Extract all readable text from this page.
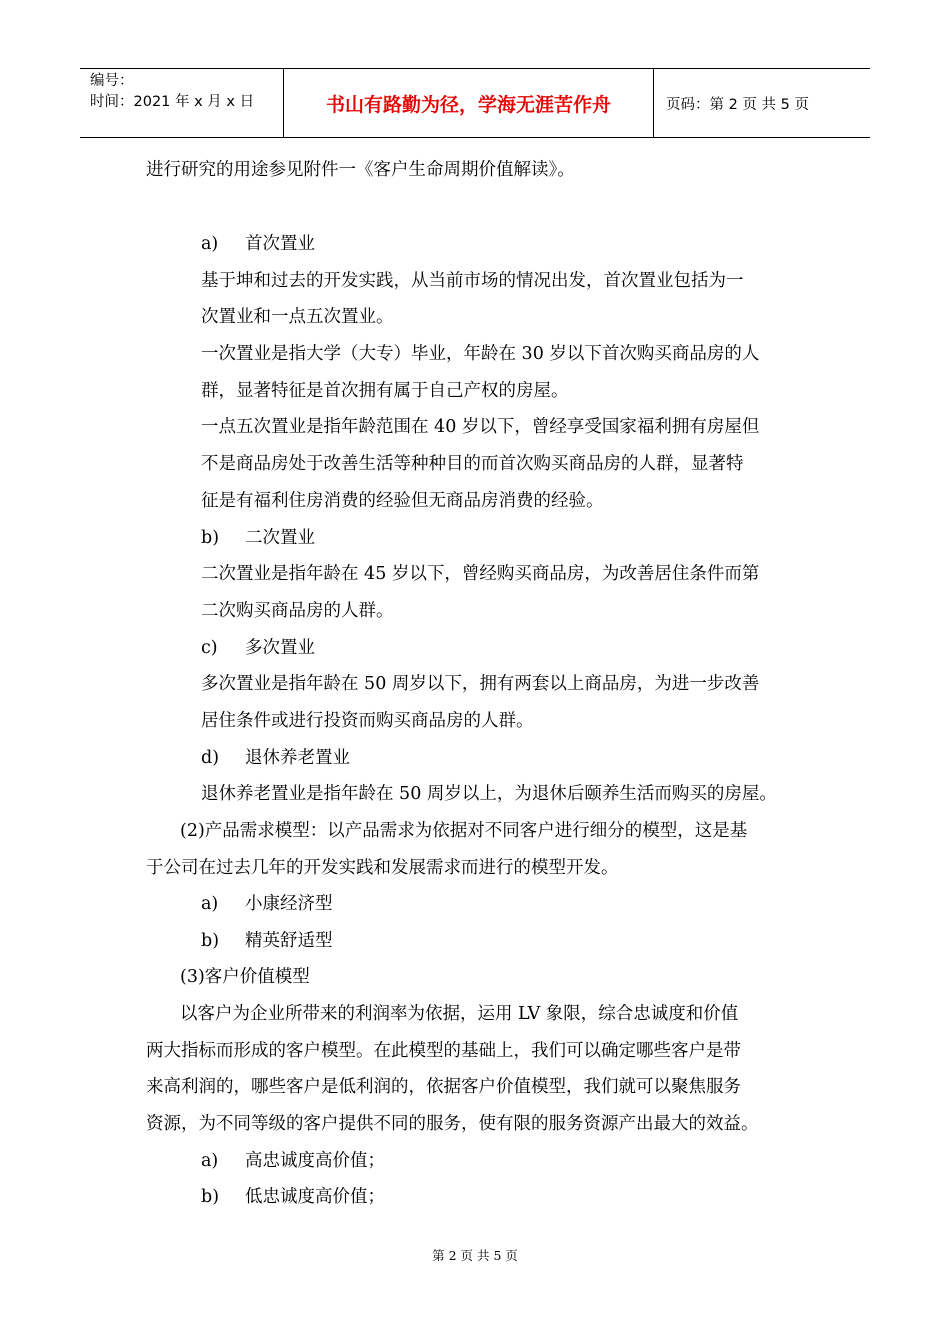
编号：
时间：2021 年 x 月 x 日	书山有路勤为径，学海无涯苦作舟	页码：第 2 页 共 5 页
进行研究的用途参见附件一《客户生命周期价值解读》。
a) 首次置业
基于坤和过去的开发实践，从当前市场的情况出发，首次置业包括为一
次置业和一点五次置业。
一次置业是指大学（大专）毕业，年龄在 30 岁以下首次购买商品房的人
群，显著特征是首次拥有属于自己产权的房屋。
一点五次置业是指年龄范围在 40 岁以下，曾经享受国家福利拥有房屋但
不是商品房处于改善生活等种种目的而首次购买商品房的人群，显著特
征是有福利住房消费的经验但无商品房消费的经验。
b) 二次置业
二次置业是指年龄在 45 岁以下，曾经购买商品房，为改善居住条件而第
二次购买商品房的人群。
c) 多次置业
多次置业是指年龄在 50 周岁以下，拥有两套以上商品房，为进一步改善
居住条件或进行投资而购买商品房的人群。
d) 退休养老置业
退休养老置业是指年龄在 50 周岁以上，为退休后颐养生活而购买的房屋。
(2)产品需求模型：以产品需求为依据对不同客户进行细分的模型，这是基
于公司在过去几年的开发实践和发展需求而进行的模型开发。
a) 小康经济型
b) 精英舒适型
(3)客户价值模型
以客户为企业所带来的利润率为依据，运用 LV 象限，综合忠诚度和价值
两大指标而形成的客户模型。在此模型的基础上，我们可以确定哪些客户是带
来高利润的，哪些客户是低利润的，依据客户价值模型，我们就可以聚焦服务
资源，为不同等级的客户提供不同的服务，使有限的服务资源产出最大的效益。
a) 高忠诚度高价值；
b) 低忠诚度高价值；
第 2 页 共 5 页
